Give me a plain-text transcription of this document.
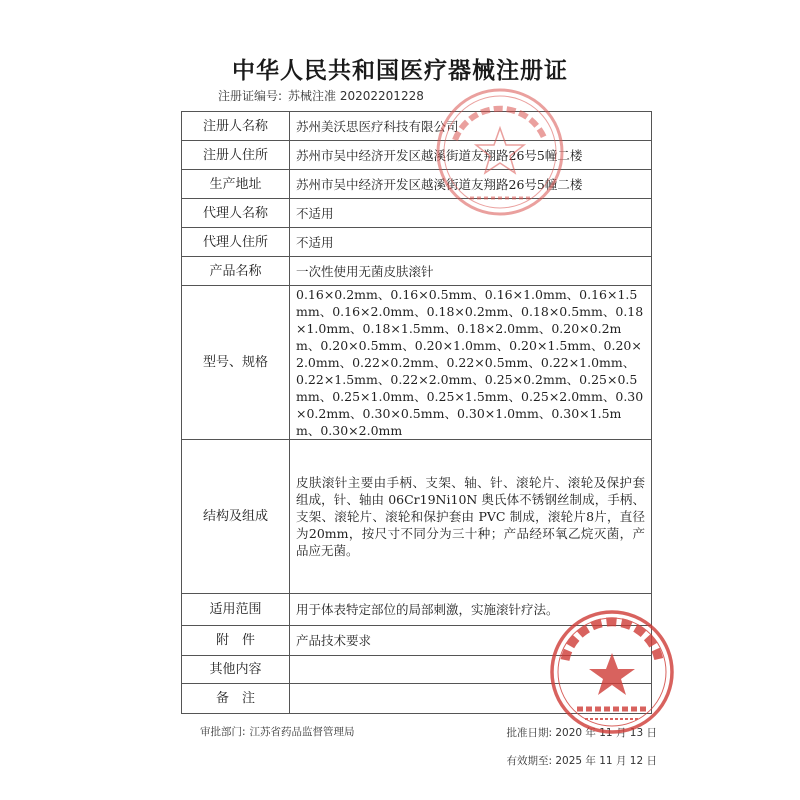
中华人民共和国医疗器械注册证
注册证编号: 苏械注准 20202201228
注册人名称	苏州美沃思医疗科技有限公司
注册人住所	苏州市吴中经济开发区越溪街道友翔路26号5幢二楼
生产地址	苏州市吴中经济开发区越溪街道友翔路26号5幢二楼
代理人名称	不适用
代理人住所	不适用
产品名称	一次性使用无菌皮肤滚针
型号、规格	0.16×0.2mm、0.16×0.5mm、0.16×1.0mm、0.16×1.5mm、0.16×2.0mm、0.18×0.2mm、0.18×0.5mm、0.18×1.0mm、0.18×1.5mm、0.18×2.0mm、0.20×0.2mm、0.20×0.5mm、0.20×1.0mm、0.20×1.5mm、0.20×2.0mm、0.22×0.2mm、0.22×0.5mm、0.22×1.0mm、0.22×1.5mm、0.22×2.0mm、0.25×0.2mm、0.25×0.5mm、0.25×1.0mm、0.25×1.5mm、0.25×2.0mm、0.30×0.2mm、0.30×0.5mm、0.30×1.0mm、0.30×1.5mm、0.30×2.0mm
结构及组成	皮肤滚针主要由手柄、支架、轴、针、滚轮片、滚轮及保护套组成，针、轴由 06Cr19Ni10N 奥氏体不锈钢丝制成，手柄、支架、滚轮片、滚轮和保护套由 PVC 制成，滚轮片8片，直径为20mm，按尺寸不同分为三十种；产品经环氧乙烷灭菌，产品应无菌。
适用范围	用于体表特定部位的局部刺激，实施滚针疗法。
附　件	产品技术要求
其他内容	
备　注	
审批部门: 江苏省药品监督管理局	批准日期: 2020 年 11 月 13 日
有效期至: 2025 年 11 月 12 日
